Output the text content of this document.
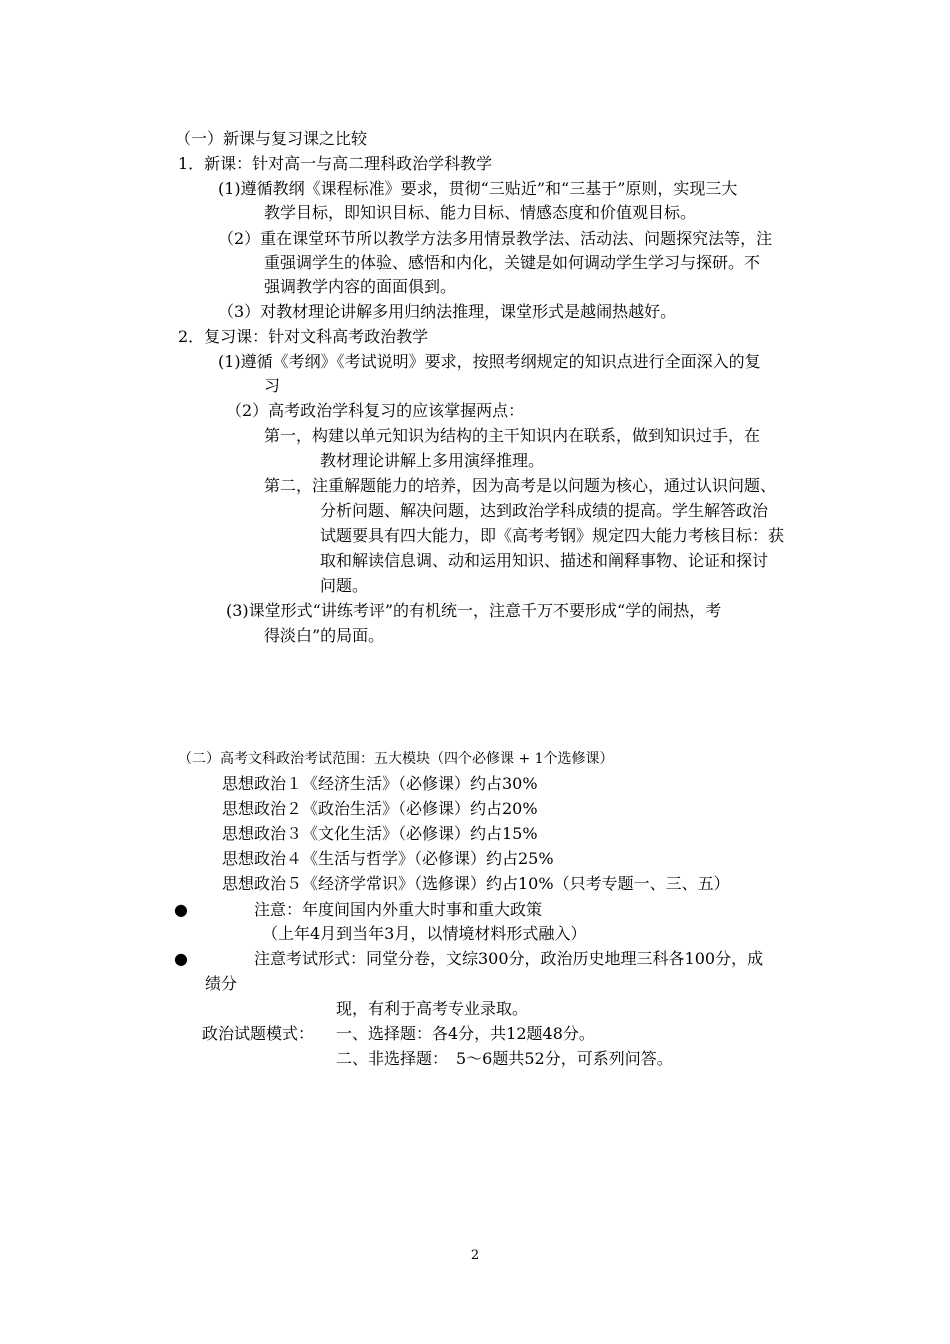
（一）新课与复习课之比较
1．新课：针对高一与高二理科政治学科教学
(1)遵循教纲《课程标准》要求，贯彻“三贴近”和“三基于”原则，实现三大
教学目标，即知识目标、能力目标、情感态度和价值观目标。
（2）重在课堂环节所以教学方法多用情景教学法、活动法、问题探究法等，注
重强调学生的体验、感悟和内化，关键是如何调动学生学习与探研。不
强调教学内容的面面俱到。
（3）对教材理论讲解多用归纳法推理，课堂形式是越闹热越好。
2．复习课：针对文科高考政治教学
(1)遵循《考纲》《考试说明》要求，按照考纲规定的知识点进行全面深入的复
习
（2）高考政治学科复习的应该掌握两点：
第一，构建以单元知识为结构的主干知识内在联系，做到知识过手，在
教材理论讲解上多用演绎推理。
第二，注重解题能力的培养，因为高考是以问题为核心，通过认识问题、
分析问题、解决问题，达到政治学科成绩的提高。学生解答政治
试题要具有四大能力，即《高考考钢》规定四大能力考核目标：获
取和解读信息调、动和运用知识、描述和阐释事物、论证和探讨
问题。
(3)课堂形式“讲练考评”的有机统一，注意千万不要形成“学的闹热，考
得淡白”的局面。
（二）高考文科政治考试范围：五大模块（四个必修课 + 1个选修课）
思想政治１《经济生活》（必修课）约占30%
思想政治２《政治生活》（必修课）约占20%
思想政治３《文化生活》（必修课）约占15%
思想政治４《生活与哲学》（必修课）约占25%
思想政治５《经济学常识》（选修课）约占10%（只考专题一、三、五）
●	注意：年度间国内外重大时事和重大政策
（上年4月到当年3月，以情境材料形式融入）
●	注意考试形式：同堂分卷，文综300分，政治历史地理三科各100分，成
绩分
现，有利于高考专业录取。
政治试题模式： 一、选择题：各4分，共12题48分。
二、非选择题：　5～6题共52分，可系列问答。
2
